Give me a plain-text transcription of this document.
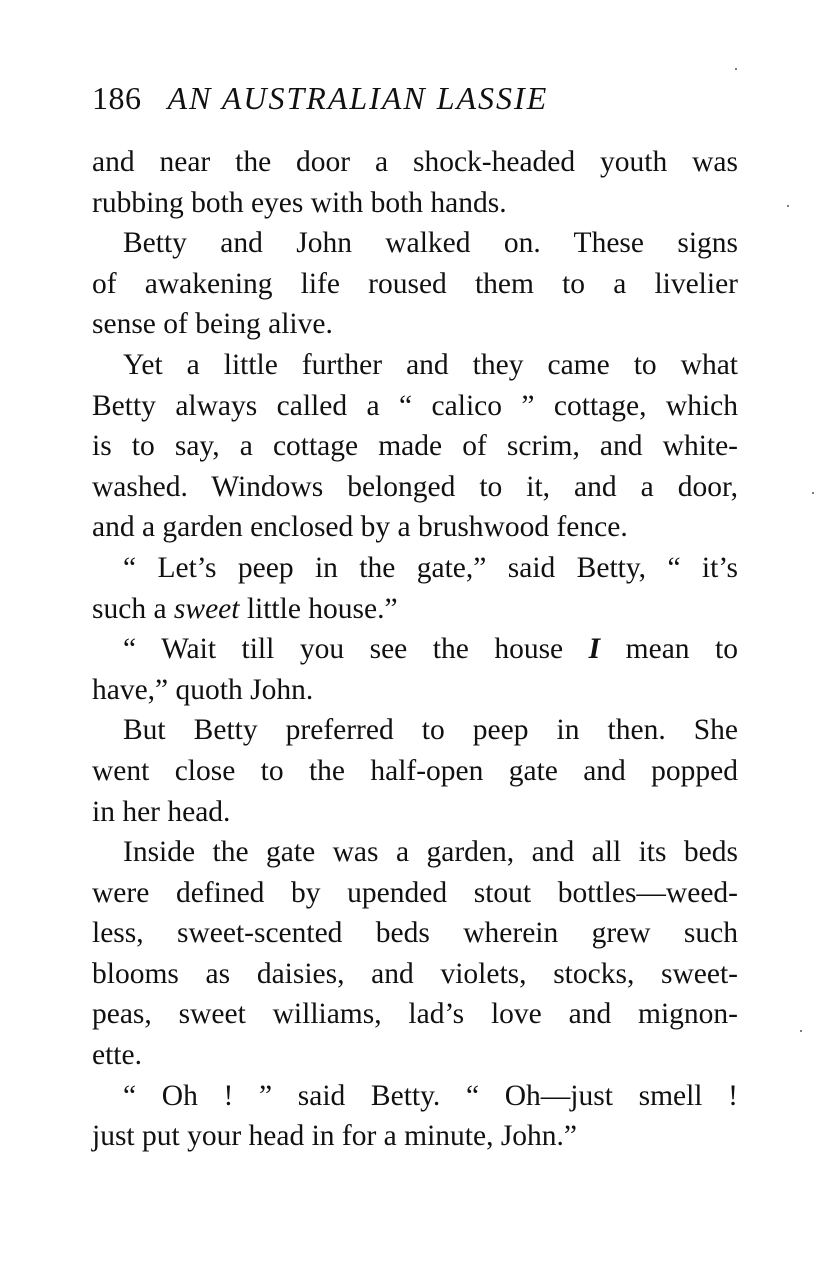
186 AN AUSTRALIAN LASSIE
and near the door a shock-headed youth was
rubbing both eyes with both hands.
Betty and John walked on. These signs
of awakening life roused them to a livelier
sense of being alive.
Yet a little further and they came to what
Betty always called a “ calico ” cottage, which
is to say, a cottage made of scrim, and white-
washed. Windows belonged to it, and a door,
and a garden enclosed by a brushwood fence.
“ Let’s peep in the gate,” said Betty, “ it’s
such a sweet little house.”
“ Wait till you see the house I mean to
have,” quoth John.
But Betty preferred to peep in then. She
went close to the half-open gate and popped
in her head.
Inside the gate was a garden, and all its beds
were defined by upended stout bottles—weed-
less, sweet-scented beds wherein grew such
blooms as daisies, and violets, stocks, sweet-
peas, sweet williams, lad’s love and mignon-
ette.
“ Oh ! ” said Betty. “ Oh—just smell !
just put your head in for a minute, John.”
